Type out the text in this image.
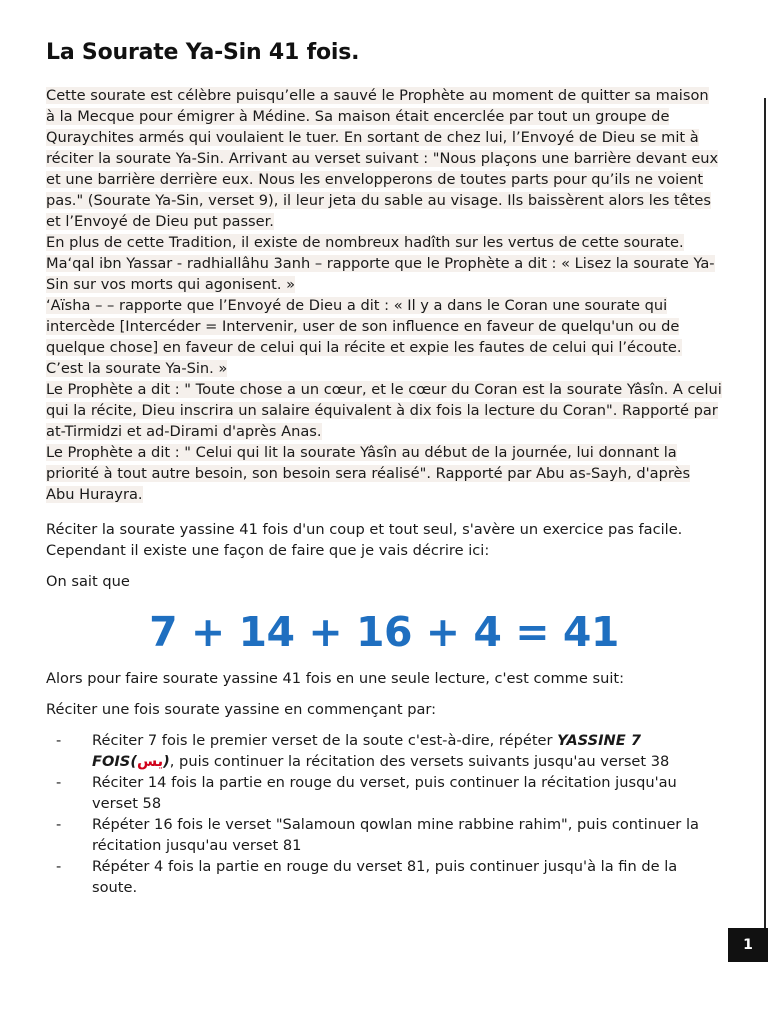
La Sourate Ya-Sin 41 fois.

Cette sourate est célèbre puisqu’elle a sauvé le Prophète au moment de quitter sa maison à la Mecque pour émigrer à Médine. Sa maison était encerclée par tout un groupe de Quraychites armés qui voulaient le tuer. En sortant de chez lui, l’Envoyé de Dieu se mit à réciter la sourate Ya-Sin. Arrivant au verset suivant : "Nous plaçons une barrière devant eux et une barrière derrière eux. Nous les envelopperons de toutes parts pour qu’ils ne voient pas." (Sourate Ya-Sin, verset 9), il leur jeta du sable au visage. Ils baissèrent alors les têtes et l’Envoyé de Dieu put passer.

En plus de cette Tradition, il existe de nombreux hadîth sur les vertus de cette sourate.

Ma‘qal ibn Yassar - radhiallâhu 3anh – rapporte que le Prophète a dit : « Lisez la sourate Ya-Sin sur vos morts qui agonisent. »

‘Aïsha – – rapporte que l’Envoyé de Dieu a dit : « Il y a dans le Coran une sourate qui intercède [Intercéder = Intervenir, user de son influence en faveur de quelqu'un ou de quelque chose] en faveur de celui qui la récite et expie les fautes de celui qui l’écoute. C’est la sourate Ya-Sin. »

Le Prophète a dit : " Toute chose a un cœur, et le cœur du Coran est la sourate Yâsîn. A celui qui la récite, Dieu inscrira un salaire équivalent à dix fois la lecture du Coran". Rapporté par at-Tirmidzi et ad-Dirami d'après Anas.

Le Prophète a dit : " Celui qui lit la sourate Yâsîn au début de la journée, lui donnant la priorité à tout autre besoin, son besoin sera réalisé". Rapporté par Abu as-Sayh, d'après Abu Hurayra.

Réciter la sourate yassine 41 fois d'un coup et tout seul, s'avère un exercice pas facile. Cependant il existe une façon de faire que je vais décrire ici:

On sait que

7 + 14 + 16 + 4 = 41

Alors pour faire sourate yassine 41 fois en une seule lecture, c'est comme suit:

Réciter une fois sourate yassine en commençant par:

- Réciter 7 fois le premier verset de la soute c'est-à-dire, répéter YASSINE 7 FOIS(يس), puis continuer la récitation des versets suivants jusqu'au verset 38
- Réciter 14 fois la partie en rouge du verset, puis continuer la récitation jusqu'au verset 58
- Répéter 16 fois le verset "Salamoun qowlan mine rabbine rahim", puis continuer la récitation jusqu'au verset 81
- Répéter 4 fois la partie en rouge du verset 81, puis continuer jusqu'à la fin de la soute.
1
